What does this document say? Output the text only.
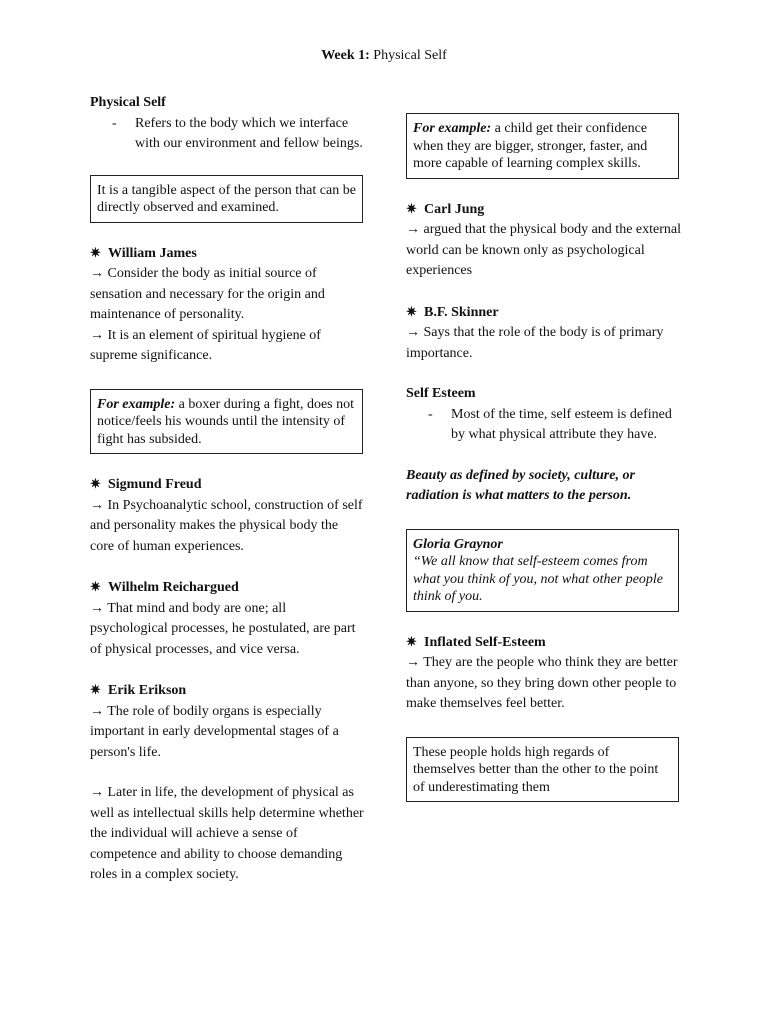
Week 1: Physical Self
Physical Self
-	Refers to the body which we interface with our environment and fellow beings.
It is a tangible aspect of the person that can be directly observed and examined.
✷ William James

→ Consider the body as initial source of sensation and necessary for the origin and maintenance of personality.

→ It is an element of spiritual hygiene of supreme significance.

For example: a boxer during a fight, does not notice/feels his wounds until the intensity of fight has subsided.
✷ Sigmund Freud

→ In Psychoanalytic school, construction of self and personality makes the physical body the core of human experiences.

✷ Wilhelm Reichargued

→ That mind and body are one; all psychological processes, he postulated, are part of physical processes, and vice versa.

✷ Erik Erikson

→ The role of bodily organs is especially important in early developmental stages of a person's life.

→ Later in life, the development of physical as well as intellectual skills help determine whether the individual will achieve a sense of competence and ability to choose demanding roles in a complex society.

For example: a child get their confidence when they are bigger, stronger, faster, and more capable of learning complex skills.
✷ Carl Jung

→ argued that the physical body and the external world can be known only as psychological experiences

✷ B.F. Skinner

→ Says that the role of the body is of primary importance.

Self Esteem
-	Most of the time, self esteem is defined by what physical attribute they have.

Beauty as defined by society, culture, or radiation is what matters to the person.

Gloria Graynor
“We all know that self-esteem comes from what you think of you, not what other people think of you.
✷ Inflated Self-Esteem

→ They are the people who think they are better than anyone, so they bring down other people to make themselves feel better.

These people holds high regards of themselves better than the other to the point of underestimating them
